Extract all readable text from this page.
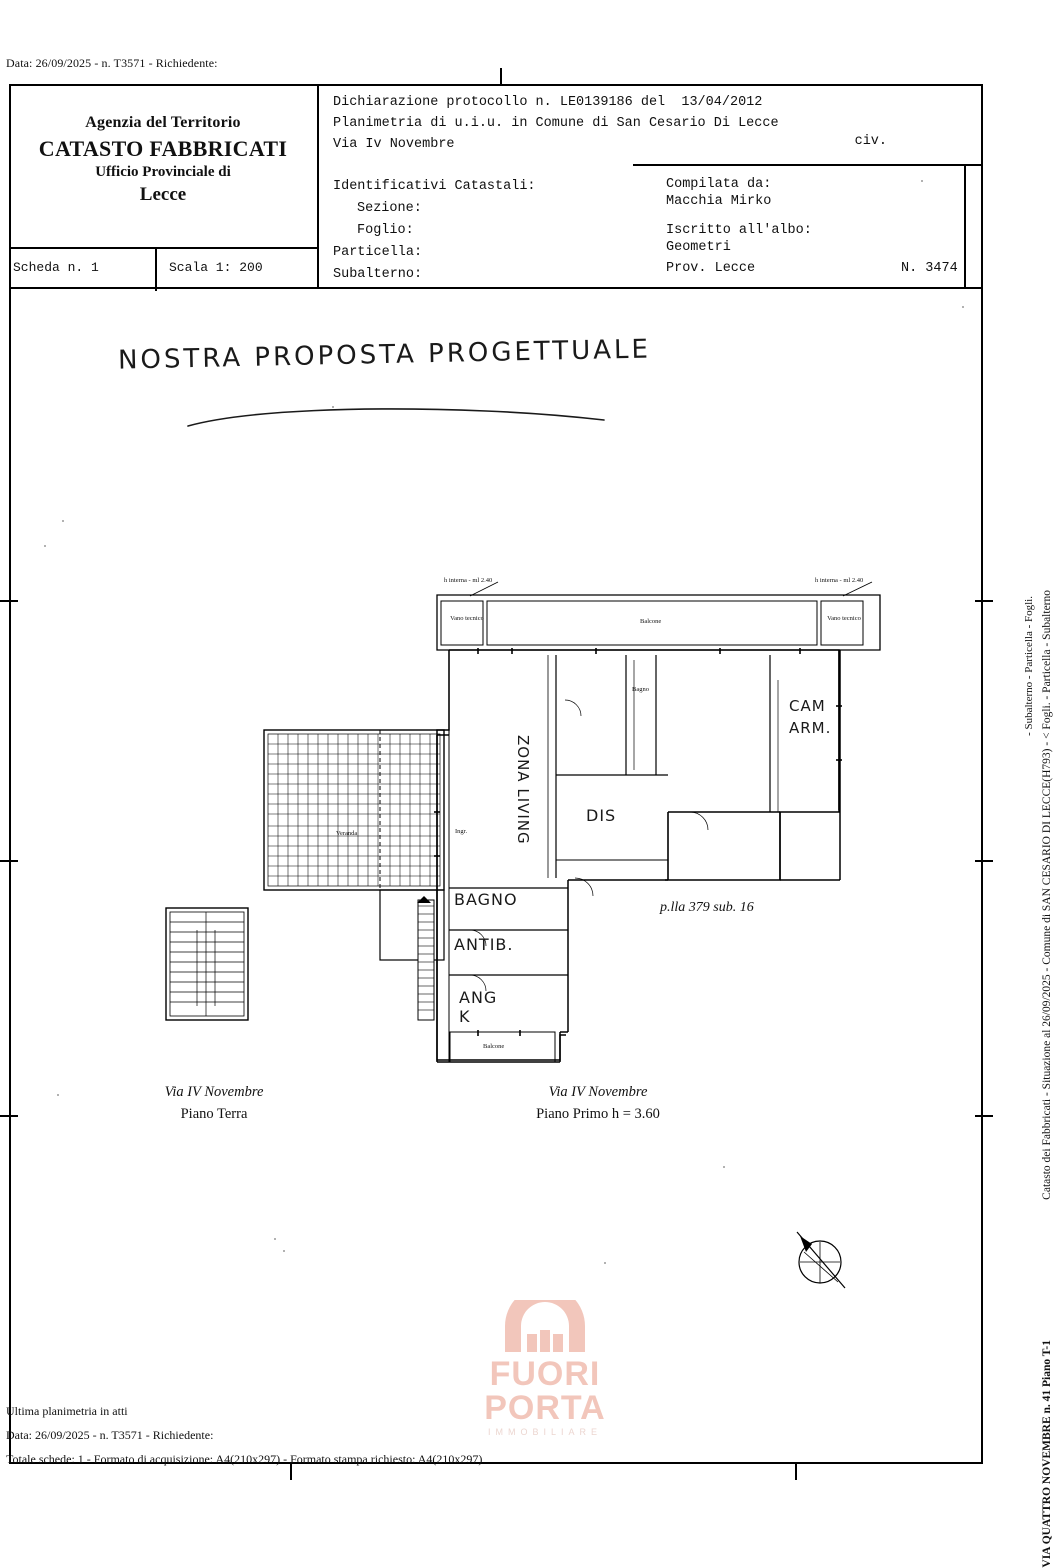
Data: 26/09/2025 - n. T3571 - Richiedente:
Agenzia del Territorio
CATASTO FABBRICATI
Ufficio Provinciale di
Lecce
Scheda n. 1	Scala 1: 200
Dichiarazione protocollo n. LE0139186 del  13/04/2012
Planimetria di u.i.u. in Comune di San Cesario Di Lecce
Via Iv Novembre	civ.
Identificativi Catastali:
Sezione:
Foglio:
Particella:
Subalterno:
Compilata da:
Macchia Mirko
Iscritto all'albo:
Geometri
Prov. Lecce	N. 3474
NOSTRA PROPOSTA PROGETTUALE
h interna - ml 2.40	h interna - ml 2.40
Vano tecnico	Balcone	Vano tecnico
Bagno
Ingr.
Veranda
Balcone
ZONA LIVING	DIS
BAGNO
ANTIB.
ANG K
CAM ARM.
p.lla 379 sub. 16
Via IV Novembre
Piano Terra
Via IV Novembre
Piano Primo h = 3.60	Catasto dei Fabbricati - Situazione al 26/09/2025 - Comune di SAN CESARIO DI LECCE(H793) - < Fogli. - Particella - Subalterno
VIA QUATTRO NOVEMBRE n. 41 Piano T-1
- Subalterno - Particella - Fogli.
FUORI
PORTA
IMMOBILIARE
Ultima planimetria in atti
Data: 26/09/2025 - n. T3571 - Richiedente:
Totale schede: 1 - Formato di acquisizione: A4(210x297) - Formato stampa richiesto: A4(210x297)
